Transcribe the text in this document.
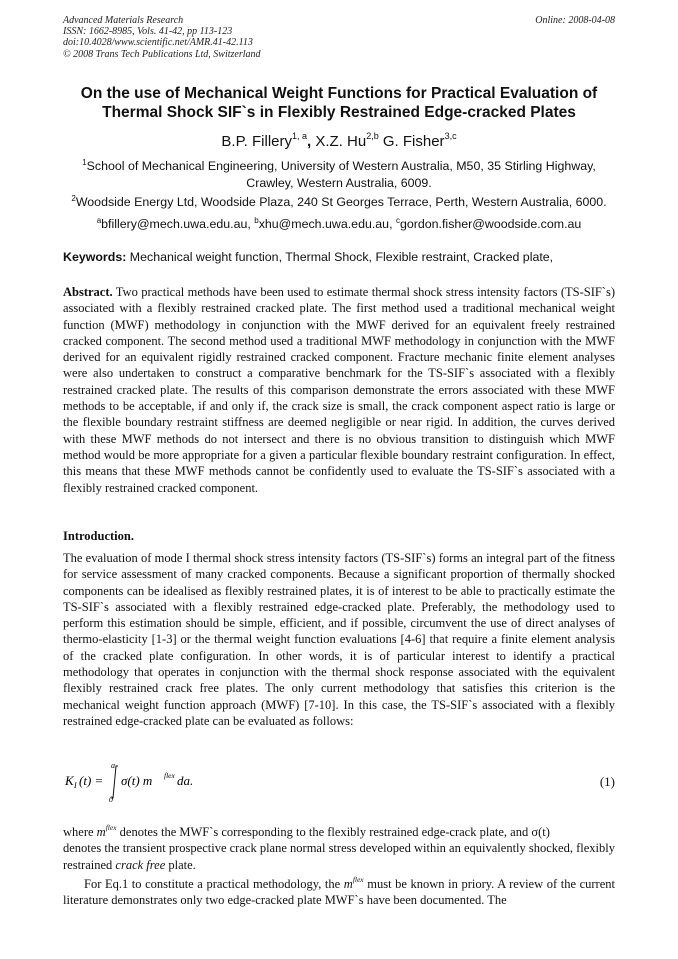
Advanced Materials Research
ISSN: 1662-8985, Vols. 41-42, pp 113-123
doi:10.4028/www.scientific.net/AMR.41-42.113
© 2008 Trans Tech Publications Ltd, Switzerland
Online: 2008-04-08
On the use of Mechanical Weight Functions for Practical Evaluation of
Thermal Shock SIF`s in Flexibly Restrained Edge-cracked Plates
B.P. Fillery$^{1, a}$, X.Z. Hu$^{2,b}$ G. Fisher$^{3,c}$
$^1$School of Mechanical Engineering, University of Western Australia, M50, 35 Stirling Highway, Crawley, Western Australia, 6009.
$^2$Woodside Energy Ltd, Woodside Plaza, 240 St Georges Terrace, Perth, Western Australia, 6000.
$^a$bfillery@mech.uwa.edu.au, $^b$xhu@mech.uwa.edu.au, $^c$gordon.fisher@woodside.com.au
Keywords: Mechanical weight function, Thermal Shock, Flexible restraint, Cracked plate,
Abstract. Two practical methods have been used to estimate thermal shock stress intensity factors (TS-SIF`s) associated with a flexibly restrained cracked plate. The first method used a traditional mechanical weight function (MWF) methodology in conjunction with the MWF derived for an equivalent freely restrained cracked component. The second method used a traditional MWF methodology in conjunction with the MWF derived for an equivalent rigidly restrained cracked component. Fracture mechanic finite element analyses were also undertaken to construct a comparative benchmark for the TS-SIF`s associated with a flexibly restrained cracked plate. The results of this comparison demonstrate the errors associated with these MWF methods to be acceptable, if and only if, the crack size is small, the crack component aspect ratio is large or the flexible boundary restraint stiffness are deemed negligible or near rigid. In addition, the curves derived with these MWF methods do not intersect and there is no obvious transition to distinguish which MWF method would be more appropriate for a given a particular flexible boundary restraint configuration. In effect, this means that these MWF methods cannot be confidently used to evaluate the TS-SIF`s associated with a flexibly restrained cracked component.
Introduction.
The evaluation of mode I thermal shock stress intensity factors (TS-SIF`s) forms an integral part of the fitness for service assessment of many cracked components. Because a significant proportion of thermally shocked components can be idealised as flexibly restrained plates, it is of interest to be able to practically estimate the TS-SIF`s associated with a flexibly restrained edge-cracked plate. Preferably, the methodology used to perform this estimation should be simple, efficient, and if possible, circumvent the use of direct analyses of thermo-elasticity [1-3] or the thermal weight function evaluations [4-6] that require a finite element analysis of the cracked plate configuration. In other words, it is of particular interest to identify a practical methodology that operates in conjunction with the thermal shock response associated with the equivalent flexibly restrained crack free plates. The only current methodology that satisfies this criterion is the mechanical weight function approach (MWF) [7-10]. In this case, the TS-SIF`s associated with a flexibly restrained edge-cracked plate can be evaluated as follows:
K I (t) =
a
0
σ(t) m flex da.	(1)
where $m^{flex}$ denotes the MWF`s corresponding to the flexibly restrained edge-crack plate, and σ(t)
denotes the transient prospective crack plane normal stress developed within an equivalently shocked, flexibly restrained crack free plate.
For Eq.1 to constitute a practical methodology, the $m^{flex}$ must be known in priory. A review of the current literature demonstrates only two edge-cracked plate MWF`s have been documented. The
